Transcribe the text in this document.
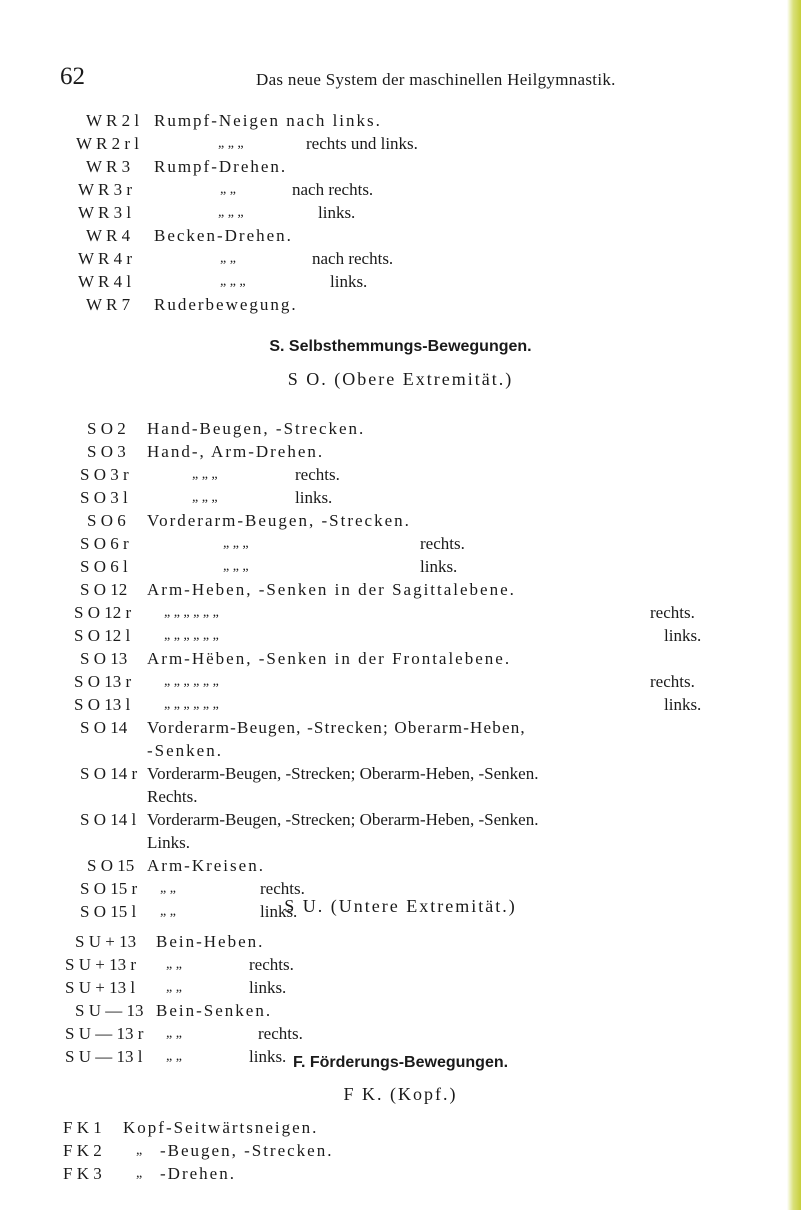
62	Das neue System der maschinellen Heilgymnastik.
W R 2 l Rumpf-Neigen nach links.
W R 2 r l	„ „ „	rechts und links.
W R 3 Rumpf-Drehen.
W R 3 r	„ „	nach rechts.
W R 3 l	„ „ „	links.
W R 4 Becken-Drehen.
W R 4 r	„ „	nach rechts.
W R 4 l	„ „ „	links.
W R 7 Ruderbewegung.
S. Selbsthemmungs-Bewegungen.
S O. (Obere Extremität.)
S O 2 Hand-Beugen, -Strecken.
S O 3 Hand-, Arm-Drehen.
S O 3 r	„ „ „	rechts.
S O 3 l	„ „ „	links.
S O 6 Vorderarm-Beugen, -Strecken.
S O 6 r	„ „ „	rechts.
S O 6 l	„ „ „	links.
S O 12 Arm-Heben, -Senken in der Sagittalebene.
S O 12 r „ „ „ „ „ „	rechts.
S O 12 l „ „ „ „ „ „	links.
S O 13 Arm-Hëben, -Senken in der Frontalebene.
S O 13 r „ „ „ „ „ „	rechts.
S O 13 l „ „ „ „ „ „	links.
S O 14 Vorderarm-Beugen, -Strecken; Oberarm-Heben,
-Senken.
S O 14 r Vorderarm-Beugen, -Strecken; Oberarm-Heben, -Senken.
Rechts.
S O 14 l Vorderarm-Beugen, -Strecken; Oberarm-Heben, -Senken.
Links.
S O 15 Arm-Kreisen.
S O 15 r „ „	rechts.
S O 15 l „ „	links.
S U. (Untere Extremität.)
S U + 13 Bein-Heben.
S U + 13 r „ „	rechts.
S U + 13 l „ „	links.
S U — 13 Bein-Senken.
S U — 13 r „ „	rechts.
S U — 13 l „ „	links. F. Förderungs-Bewegungen.
F K. (Kopf.)
F K 1 Kopf-Seitwärtsneigen.
F K 2 „ -Beugen, -Strecken.
F K 3 „ -Drehen.
